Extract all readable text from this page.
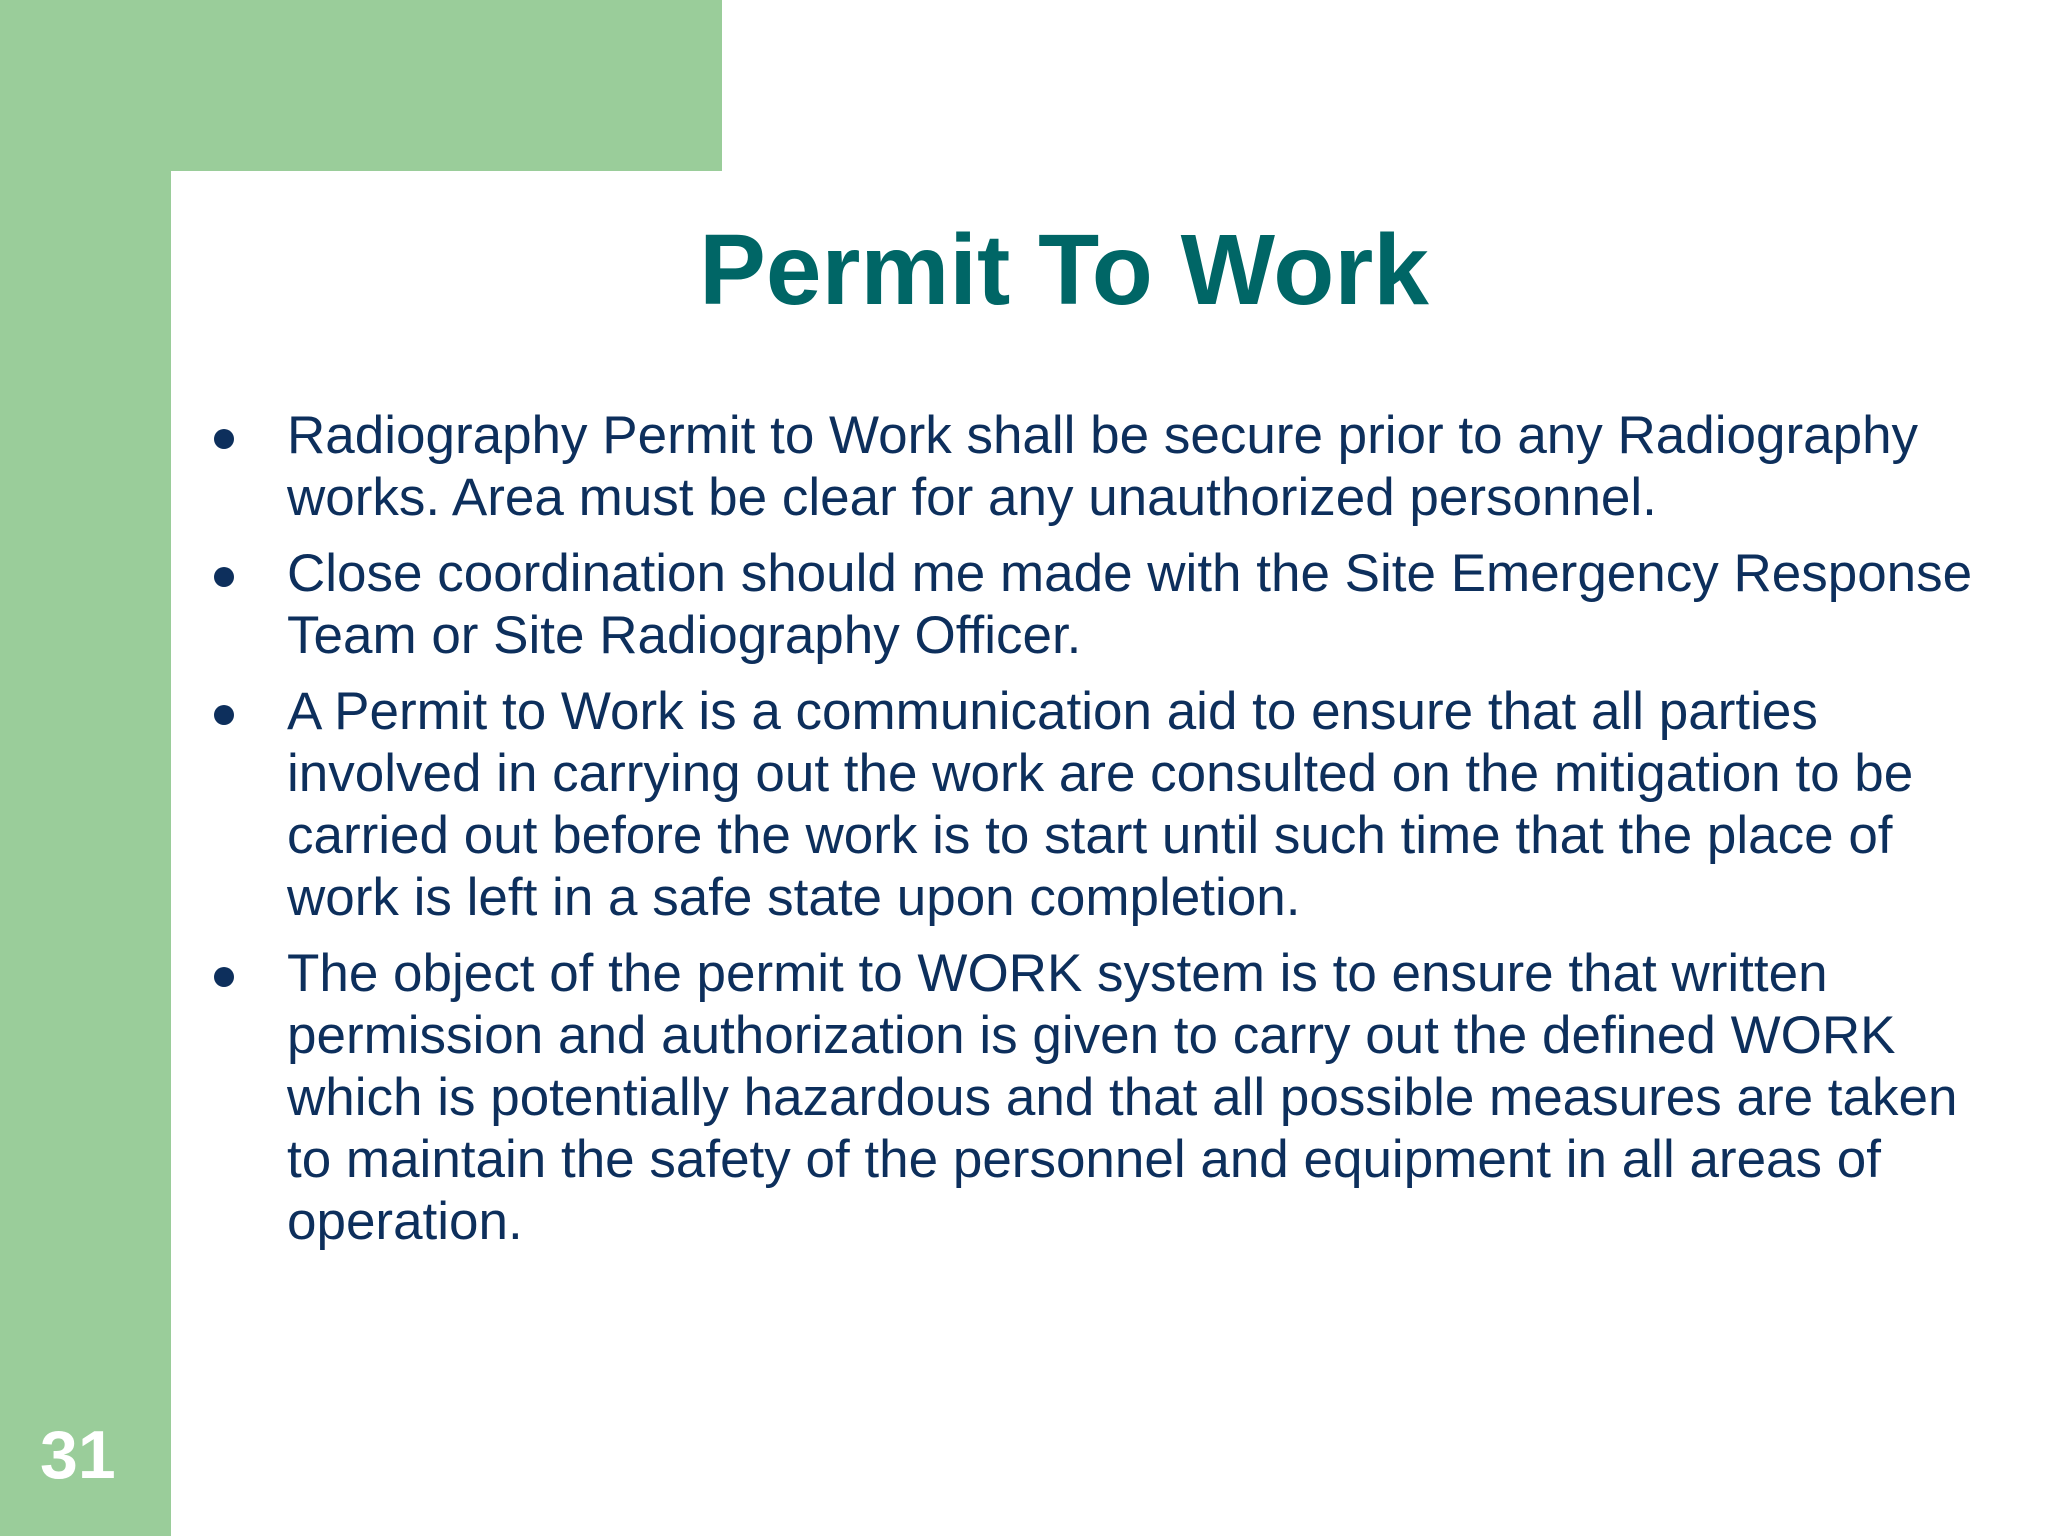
Permit To Work
Radiography Permit to Work shall be secure prior to any Radiography works. Area must be clear for any unauthorized personnel.
Close coordination should me made with the Site Emergency Response Team or Site Radiography Officer.
A Permit to Work is a communication aid to ensure that all parties involved in carrying out the work are consulted on the mitigation to be carried out before the work is to start until such time that the place of work is left in a safe state upon completion.
The object of the permit to WORK system is to ensure that written permission and authorization is given to carry out the defined WORK which is potentially hazardous and that all possible measures are taken to maintain the safety of the personnel and equipment in all areas of operation.
31
